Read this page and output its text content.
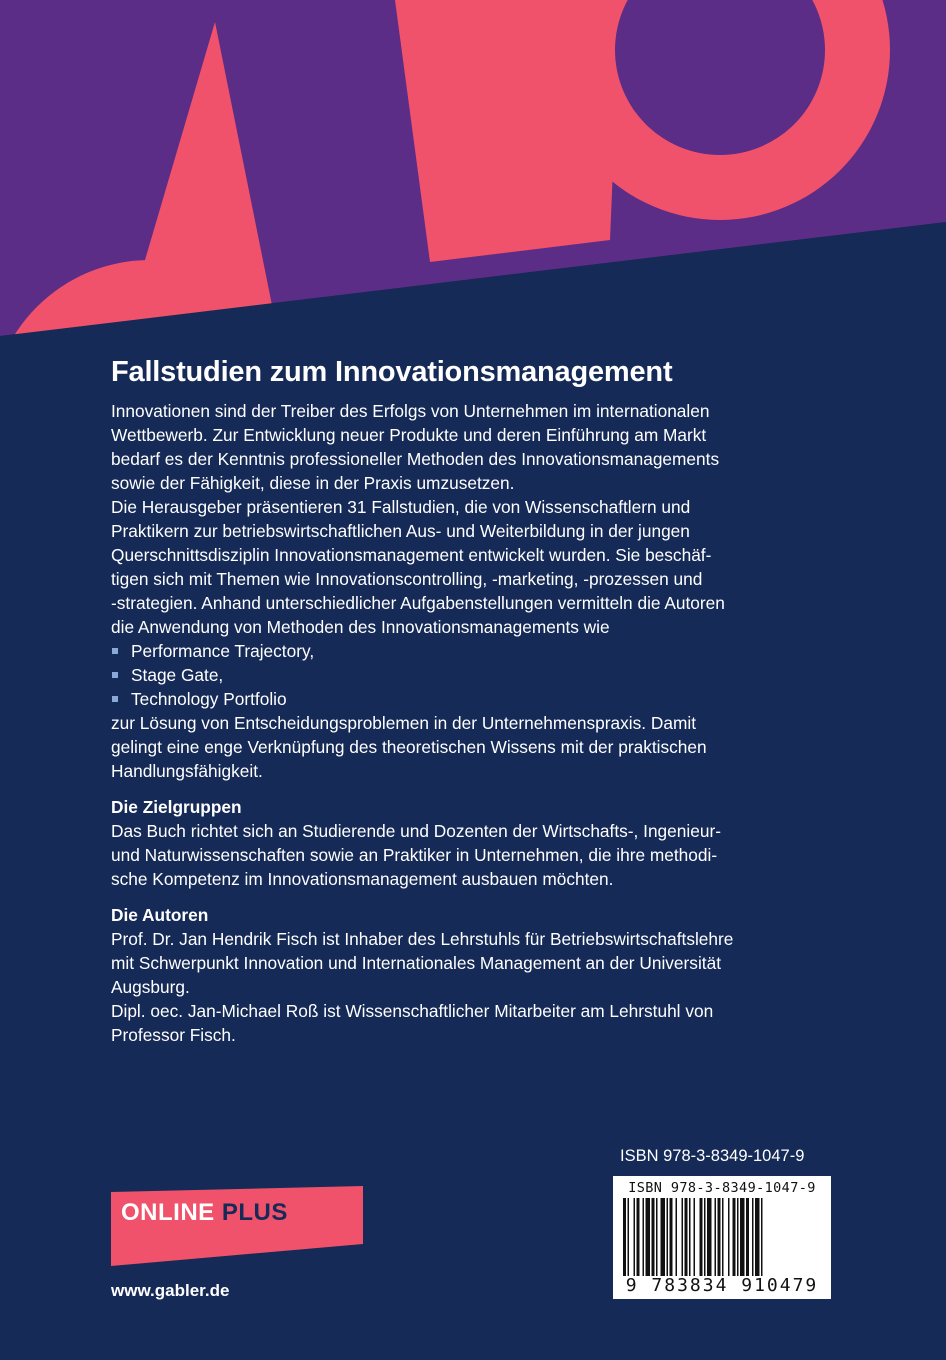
Fallstudien zum Innovationsmanagement

Innovationen sind der Treiber des Erfolgs von Unternehmen im internationalen

Wettbewerb. Zur Entwicklung neuer Produkte und deren Einführung am Markt

bedarf es der Kenntnis professioneller Methoden des Innovationsmanagements

sowie der Fähigkeit, diese in der Praxis umzusetzen.

Die Herausgeber präsentieren 31 Fallstudien, die von Wissenschaftlern und

Praktikern zur betriebswirtschaftlichen Aus- und Weiterbildung in der jungen

Querschnittsdisziplin Innovationsmanagement entwickelt wurden. Sie beschäf-

tigen sich mit Themen wie Innovationscontrolling, -marketing, -prozessen und

-strategien. Anhand unterschiedlicher Aufgabenstellungen vermitteln die Autoren

die Anwendung von Methoden des Innovationsmanagements wie

Performance Trajectory,
Stage Gate,
Technology Portfolio

zur Lösung von Entscheidungsproblemen in der Unternehmenspraxis. Damit

gelingt eine enge Verknüpfung des theoretischen Wissens mit der praktischen

Handlungsfähigkeit.

Die Zielgruppen

Das Buch richtet sich an Studierende und Dozenten der Wirtschafts-, Ingenieur-

und Naturwissenschaften sowie an Praktiker in Unternehmen, die ihre methodi-

sche Kompetenz im Innovationsmanagement ausbauen möchten.

Die Autoren

Prof. Dr. Jan Hendrik Fisch ist Inhaber des Lehrstuhls für Betriebswirtschaftslehre

mit Schwerpunkt Innovation und Internationales Management an der Universität

Augsburg.

Dipl. oec. Jan-Michael Roß ist Wissenschaftlicher Mitarbeiter am Lehrstuhl von

Professor Fisch.

ISBN 978-3-8349-1047-9
ISBN 978-3-8349-1047-9
9 783834 910479
ONLINE PLUS
www.gabler.de
